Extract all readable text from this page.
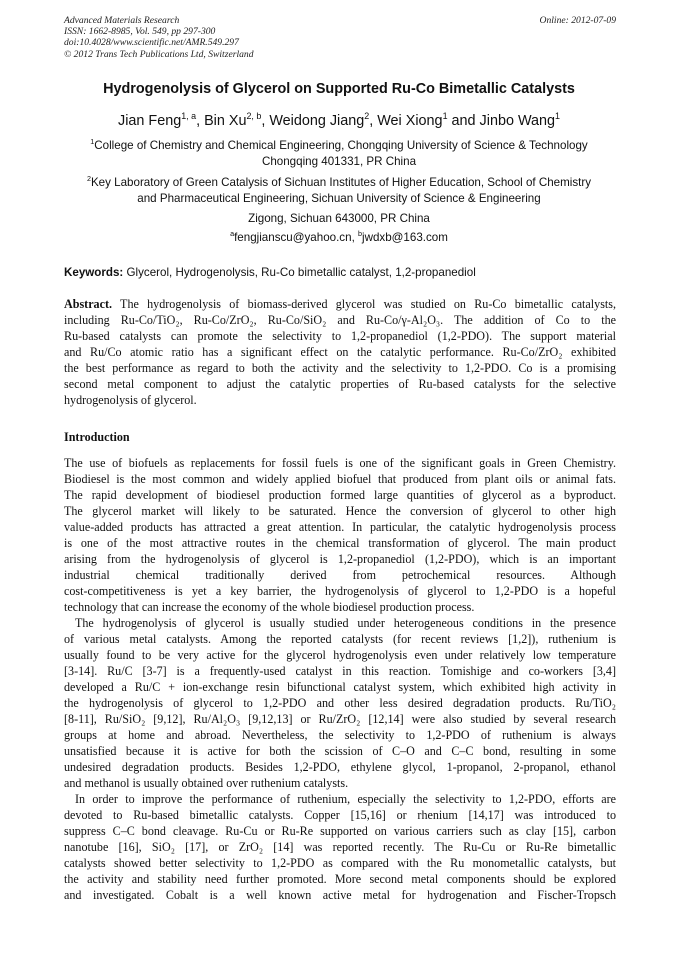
Advanced Materials Research	Online: 2012-07-09
ISSN: 1662-8985, Vol. 549, pp 297-300
doi:10.4028/www.scientific.net/AMR.549.297
© 2012 Trans Tech Publications Ltd, Switzerland
Hydrogenolysis of Glycerol on Supported Ru-Co Bimetallic Catalysts
Jian Feng$^{1, a}$, Bin Xu$^{2, b}$, Weidong Jiang$^2$, Wei Xiong$^1$ and Jinbo Wang$^1$
$^1$College of Chemistry and Chemical Engineering, Chongqing University of Science & Technology
Chongqing 401331, PR China
$^2$Key Laboratory of Green Catalysis of Sichuan Institutes of Higher Education, School of Chemistry
and Pharmaceutical Engineering, Sichuan University of Science & Engineering
Zigong, Sichuan 643000, PR China
$^a$fengjianscu@yahoo.cn, $^b$jwdxb@163.com
Keywords: Glycerol, Hydrogenolysis, Ru-Co bimetallic catalyst, 1,2-propanediol
Abstract. The hydrogenolysis of biomass-derived glycerol was studied on Ru-Co bimetallic catalysts,
including Ru-Co/TiO₂, Ru-Co/ZrO₂, Ru-Co/SiO₂ and Ru-Co/γ-Al₂O₃. The addition of Co to the
Ru-based catalysts can promote the selectivity to 1,2-propanediol (1,2-PDO). The support material
and Ru/Co atomic ratio has a significant effect on the catalytic performance. Ru-Co/ZrO₂ exhibited
the best performance as regard to both the activity and the selectivity to 1,2-PDO. Co is a promising
second metal component to adjust the catalytic properties of Ru-based catalysts for the selective
hydrogenolysis of glycerol.
Introduction
The use of biofuels as replacements for fossil fuels is one of the significant goals in Green Chemistry.
Biodiesel is the most common and widely applied biofuel that produced from plant oils or animal fats.
The rapid development of biodiesel production formed large quantities of glycerol as a byproduct.
The glycerol market will likely to be saturated. Hence the conversion of glycerol to other high
value-added products has attracted a great attention. In particular, the catalytic hydrogenolysis process
is one of the most attractive routes in the chemical transformation of glycerol. The main product
arising from the hydrogenolysis of glycerol is 1,2-propanediol (1,2-PDO), which is an important
industrial chemical traditionally derived from petrochemical resources. Although
cost-competitiveness is yet a key barrier, the hydrogenolysis of glycerol to 1,2-PDO is a hopeful
technology that can increase the economy of the whole biodiesel production process.
The hydrogenolysis of glycerol is usually studied under heterogeneous conditions in the presence
of various metal catalysts. Among the reported catalysts (for recent reviews [1,2]), ruthenium is
usually found to be very active for the glycerol hydrogenolysis even under relatively low temperature
[3-14]. Ru/C [3-7] is a frequently-used catalyst in this reaction. Tomishige and co-workers [3,4]
developed a Ru/C + ion-exchange resin bifunctional catalyst system, which exhibited high activity in
the hydrogenolysis of glycerol to 1,2-PDO and other less desired degradation products. Ru/TiO₂
[8-11], Ru/SiO₂ [9,12], Ru/Al₂O₃ [9,12,13] or Ru/ZrO₂ [12,14] were also studied by several research
groups at home and abroad. Nevertheless, the selectivity to 1,2-PDO of ruthenium is always
unsatisfied because it is active for both the scission of C–O and C–C bond, resulting in some
undesired degradation products. Besides 1,2-PDO, ethylene glycol, 1-propanol, 2-propanol, ethanol
and methanol is usually obtained over ruthenium catalysts.
In order to improve the performance of ruthenium, especially the selectivity to 1,2-PDO, efforts are
devoted to Ru-based bimetallic catalysts. Copper [15,16] or rhenium [14,17] was introduced to
suppress C–C bond cleavage. Ru-Cu or Ru-Re supported on various carriers such as clay [15], carbon
nanotube [16], SiO₂ [17], or ZrO₂ [14] was reported recently. The Ru-Cu or Ru-Re bimetallic
catalysts showed better selectivity to 1,2-PDO as compared with the Ru monometallic catalysts, but
the activity and stability need further promoted. More second metal components should be explored
and investigated. Cobalt is a well known active metal for hydrogenation and Fischer-Tropsch
